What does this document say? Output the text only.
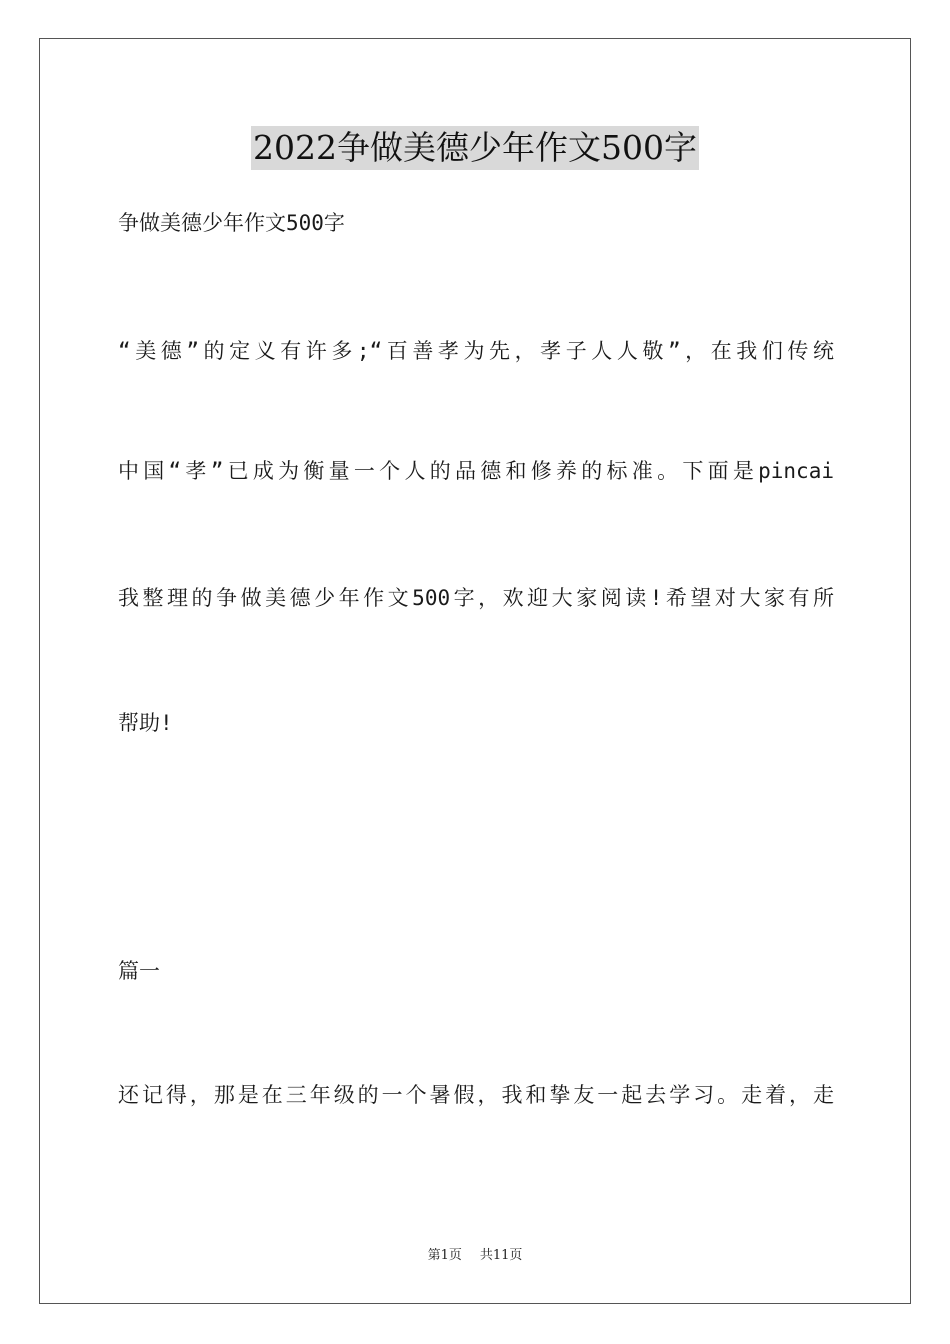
2022争做美德少年作文500字
争做美德少年作文500字
“美德”的定义有许多;“百善孝为先，孝子人人敬”，在我们传统
中国“孝”已成为衡量一个人的品德和修养的标准。下面是pincai
我整理的争做美德少年作文500字，欢迎大家阅读!希望对大家有所
帮助!
篇一
还记得，那是在三年级的一个暑假，我和挚友一起去学习。走着，走
第1页 共11页
